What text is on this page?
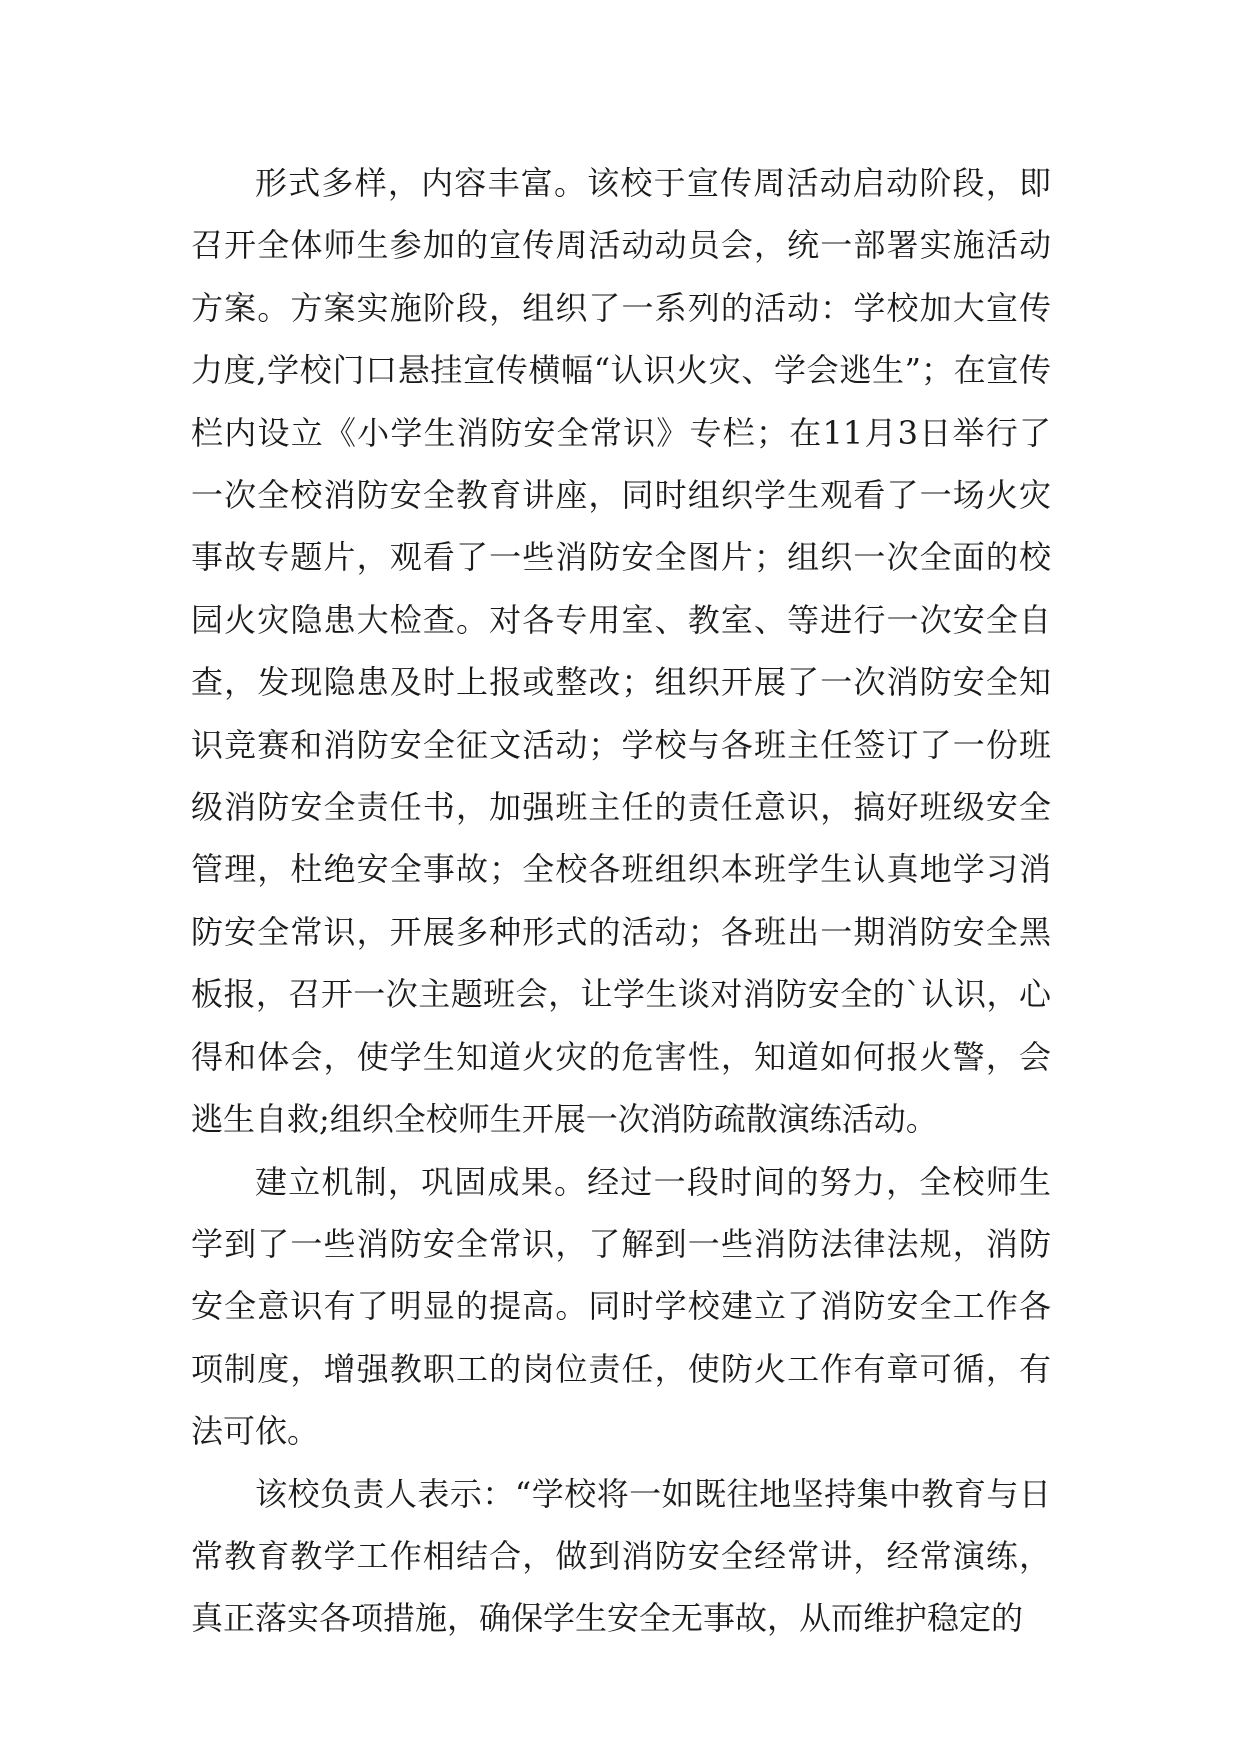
形式多样，内容丰富。该校于宣传周活动启动阶段，即召开全体师生参加的宣传周活动动员会，统一部署实施活动方案。方案实施阶段，组织了一系列的活动：学校加大宣传力度,学校门口悬挂宣传横幅“认识火灾、学会逃生”；在宣传栏内设立《小学生消防安全常识》专栏；在11月3日举行了一次全校消防安全教育讲座，同时组织学生观看了一场火灾事故专题片，观看了一些消防安全图片；组织一次全面的校园火灾隐患大检查。对各专用室、教室、等进行一次安全自查，发现隐患及时上报或整改；组织开展了一次消防安全知识竞赛和消防安全征文活动；学校与各班主任签订了一份班级消防安全责任书，加强班主任的责任意识，搞好班级安全管理，杜绝安全事故；全校各班组织本班学生认真地学习消防安全常识，开展多种形式的活动；各班出一期消防安全黑板报，召开一次主题班会，让学生谈对消防安全的`认识，心得和体会，使学生知道火灾的危害性，知道如何报火警，会逃生自救;组织全校师生开展一次消防疏散演练活动。

建立机制，巩固成果。经过一段时间的努力，全校师生学到了一些消防安全常识，了解到一些消防法律法规，消防安全意识有了明显的提高。同时学校建立了消防安全工作各项制度，增强教职工的岗位责任，使防火工作有章可循，有法可依。

该校负责人表示：“学校将一如既往地坚持集中教育与日常教育教学工作相结合，做到消防安全经常讲，经常演练，真正落实各项措施，确保学生安全无事故，从而维护稳定的
